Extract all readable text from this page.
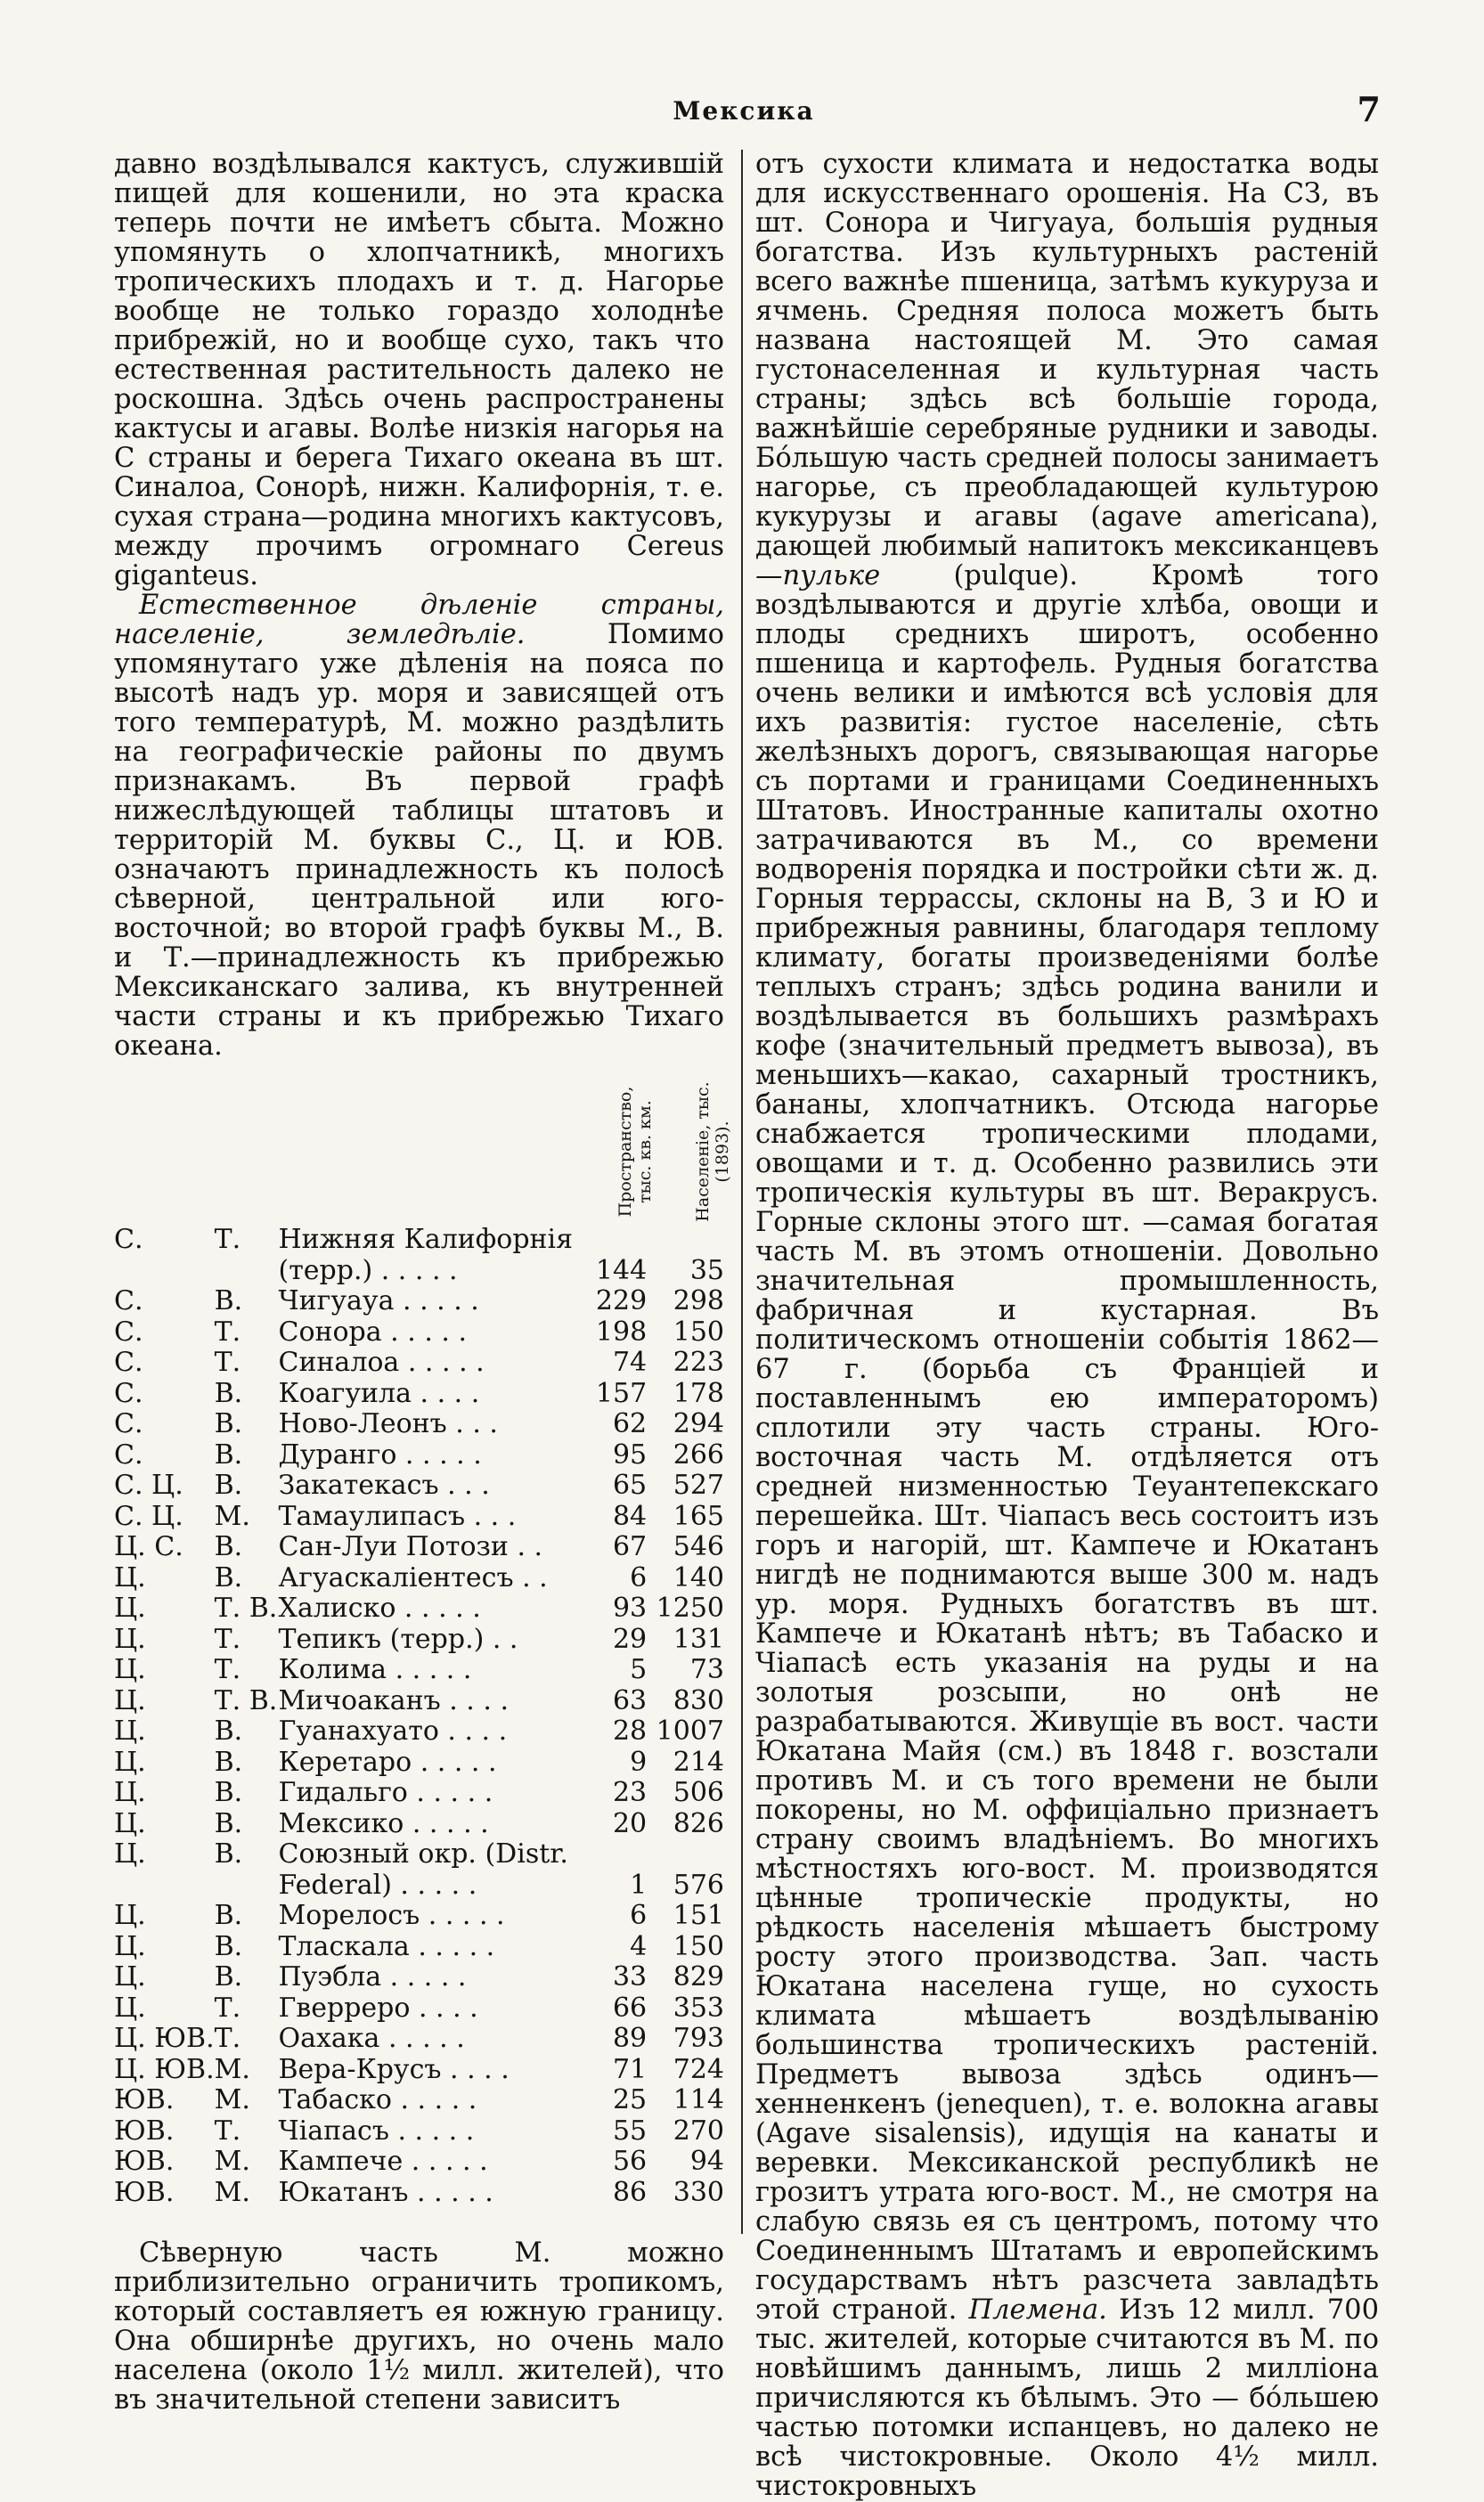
Мексика	7

давно воздѣлывался кактусъ, служившій пищей для кошенили, но эта краска теперь почти не имѣетъ сбыта. Можно упомянуть о хлопчатникѣ, многихъ тропическихъ плодахъ и т. д. Нагорье вообще не только гораздо холоднѣе прибрежій, но и вообще сухо, такъ что естественная растительность далеко не роскошна. Здѣсь очень распространены кактусы и агавы. Волѣе низкія нагорья на С страны и берега Тихаго океана въ шт. Синалоа, Сонорѣ, нижн. Калифорнія, т. е. сухая страна—родина многихъ кактусовъ, между прочимъ огромнаго Cereus giganteus.

Естественное дѣленіе страны, населеніе, земледѣліе. Помимо упомянутаго уже дѣленія на пояса по высотѣ надъ ур. моря и зависящей отъ того температурѣ, М. можно раздѣлить на географическіе районы по двумъ признакамъ. Въ первой графѣ нижеслѣдующей таблицы штатовъ и территорій М. буквы С., Ц. и ЮВ. означаютъ принадлежность къ полосѣ сѣверной, центральной или юго-восточной; во второй графѣ буквы М., В. и Т.—принадлежность къ прибрежью Мексиканскаго залива, къ внутренней части страны и къ прибрежью Тихаго океана.

			Пространство, тыс. кв. км.	Населеніе, тыс. (1893).
С.	Т.	Нижняя Калифорнія		
		(терр.) . . . . .	144	35
С.	В.	Чигуауа . . . . .	229	298
С.	Т.	Сонора . . . . .	198	150
С.	Т.	Синалоа . . . . .	74	223
С.	В.	Коагуила . . . .	157	178
С.	В.	Ново-Леонъ . . .	62	294
С.	В.	Дуранго . . . . .	95	266
С. Ц.	В.	Закатекасъ . . .	65	527
С. Ц.	М.	Тамаулипасъ . . .	84	165
Ц. С.	В.	Сан-Луи Потози . .	67	546
Ц.	В.	Агуаскаліентесъ . .	6	140
Ц.	Т. В.	Халиско . . . . .	93	1250
Ц.	Т.	Тепикъ (терр.) . .	29	131
Ц.	Т.	Колима . . . . .	5	73
Ц.	Т. В.	Мичоаканъ . . . .	63	830
Ц.	В.	Гуанахуато . . . .	28	1007
Ц.	В.	Керетаро . . . . .	9	214
Ц.	В.	Гидальго . . . . .	23	506
Ц.	В.	Мексико . . . . .	20	826
Ц.	В.	Союзный окр. (Distr.		
		Federal) . . . . .	1	576
Ц.	В.	Морелосъ . . . . .	6	151
Ц.	В.	Тласкала . . . . .	4	150
Ц.	В.	Пуэбла . . . . .	33	829
Ц.	Т.	Гверреро . . . .	66	353
Ц. ЮВ.	Т.	Оахака . . . . .	89	793
Ц. ЮВ.	М.	Вера-Крусъ . . . .	71	724
ЮВ.	М.	Табаско . . . . .	25	114
ЮВ.	Т.	Чіапасъ . . . . .	55	270
ЮВ.	М.	Кампече . . . . .	56	94
ЮВ.	М.	Юкатанъ . . . . .	86	330

Сѣверную часть М. можно приблизительно ограничить тропикомъ, который составляетъ ея южную границу. Она обширнѣе другихъ, но очень мало населена (около 1½ милл. жителей), что въ значительной степени зависитъ

отъ сухости климата и недостатка воды для искусственнаго орошенія. На СЗ, въ шт. Сонора и Чигуауа, большія рудныя богатства. Изъ культурныхъ растеній всего важнѣе пшеница, затѣмъ кукуруза и ячмень. Средняя полоса можетъ быть названа настоящей М. Это самая густонаселенная и культурная часть страны; здѣсь всѣ большіе города, важнѣйшіе серебряные рудники и заводы. Бóльшую часть средней полосы занимаетъ нагорье, съ преобладающей культурою кукурузы и агавы (agave americana), дающей любимый напитокъ мексиканцевъ—пульке (pulque). Кромѣ того воздѣлываются и другіе хлѣба, овощи и плоды среднихъ широтъ, особенно пшеница и картофель. Рудныя богатства очень велики и имѣются всѣ условія для ихъ развитія: густое населеніе, сѣть желѣзныхъ дорогъ, связывающая нагорье съ портами и границами Соединенныхъ Штатовъ. Иностранные капиталы охотно затрачиваются въ М., со времени водворенія порядка и постройки сѣти ж. д. Горныя террассы, склоны на В, З и Ю и прибрежныя равнины, благодаря теплому климату, богаты произведеніями болѣе теплыхъ странъ; здѣсь родина ванили и воздѣлывается въ большихъ размѣрахъ кофе (значительный предметъ вывоза), въ меньшихъ—какао, сахарный тростникъ, бананы, хлопчатникъ. Отсюда нагорье снабжается тропическими плодами, овощами и т. д. Особенно развились эти тропическія культуры въ шт. Веракрусъ. Горные склоны этого шт. —самая богатая часть М. въ этомъ отношеніи. Довольно значительная промышленность, фабричная и кустарная. Въ политическомъ отношеніи событія 1862—67 г. (борьба съ Франціей и поставленнымъ ею императоромъ) сплотили эту часть страны. Юго-восточная часть М. отдѣляется отъ средней низменностью Теуантепекскаго перешейка. Шт. Чіапасъ весь состоитъ изъ горъ и нагорій, шт. Кампече и Юкатанъ нигдѣ не поднимаются выше 300 м. надъ ур. моря. Рудныхъ богатствъ въ шт. Кампече и Юкатанѣ нѣтъ; въ Табаско и Чіапасѣ есть указанія на руды и на золотыя розсыпи, но онѣ не разрабатываются. Живущіе въ вост. части Юкатана Майя (см.) въ 1848 г. возстали противъ М. и съ того времени не были покорены, но М. оффиціально признаетъ страну своимъ владѣніемъ. Во многихъ мѣстностяхъ юго-вост. М. производятся цѣнные тропическіе продукты, но рѣдкость населенія мѣшаетъ быстрому росту этого производства. Зап. часть Юкатана населена гуще, но сухость климата мѣшаетъ воздѣлыванію большинства тропическихъ растеній. Предметъ вывоза здѣсь одинъ—хенненкенъ (jenequen), т. е. волокна агавы (Agave sisalensis), идущія на канаты и веревки. Мексиканской республикѣ не грозитъ утрата юго-вост. М., не смотря на слабую связь ея съ центромъ, потому что Соединеннымъ Штатамъ и европейскимъ государствамъ нѣтъ разсчета завладѣть этой страной. Племена. Изъ 12 милл. 700 тыс. жителей, которые считаются въ М. по новѣйшимъ даннымъ, лишь 2 милліона причисляются къ бѣлымъ. Это — бóльшею частью потомки испанцевъ, но далеко не всѣ чистокровные. Около 4½ милл. чистокровныхъ
